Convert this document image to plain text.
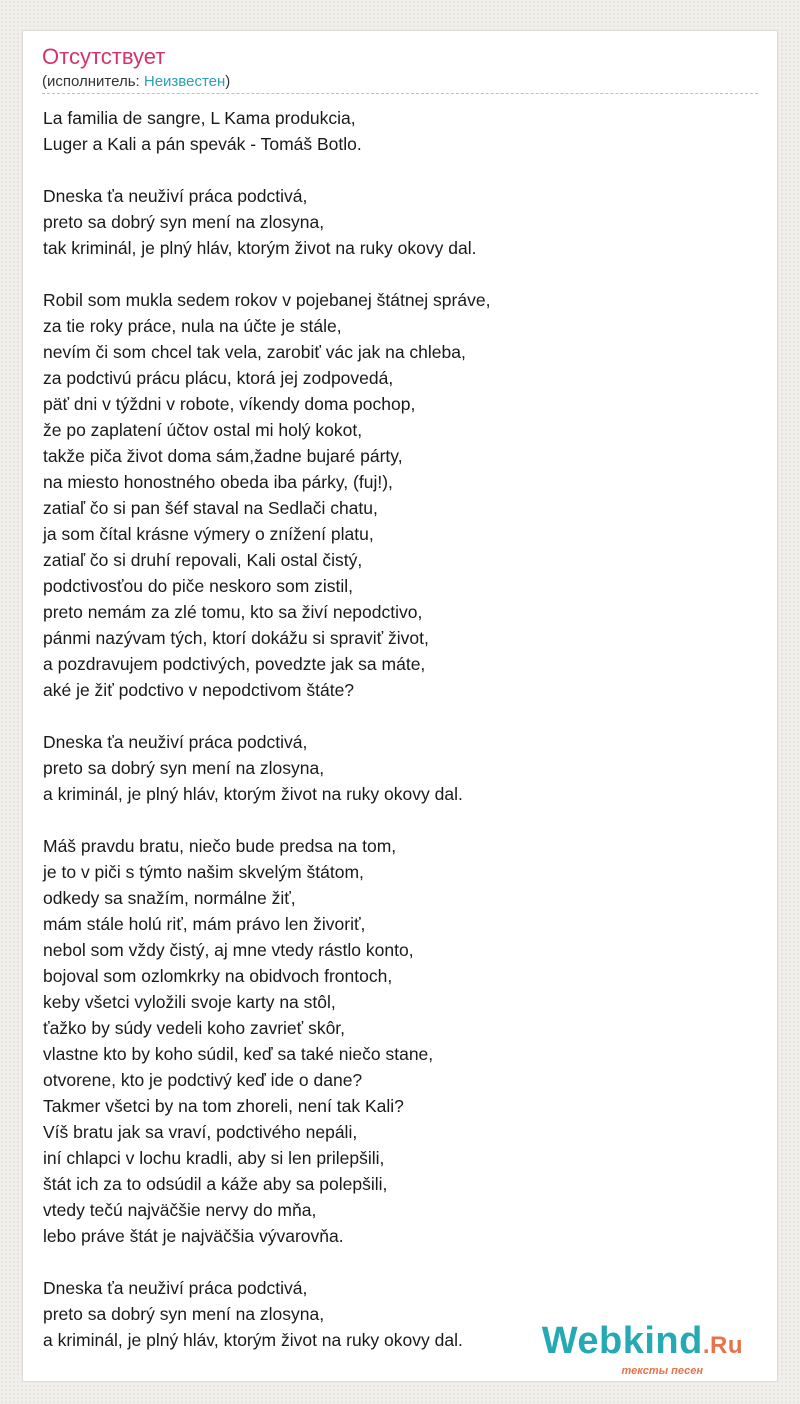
Отсутствует
(исполнитель: Неизвестен)
La familia de sangre, L Kama produkcia,
Luger a Kali a pán spevák - Tomáš Botlo.
Dneska ťa neuživí práca podctivá,
preto sa dobrý syn mení na zlosyna,
tak kriminál, je plný hláv, ktorým život na ruky okovy dal.
Robil som mukla sedem rokov v pojebanej štátnej správe,
za tie roky práce, nula na účte je stále,
nevím či som chcel tak vela, zarobiť vác jak na chleba,
za podctivú prácu plácu, ktorá jej zodpovedá,
päť dni v týždni v robote, víkendy doma pochop,
že po zaplatení účtov ostal mi holý kokot,
takže piča život doma sám,žadne bujaré párty,
na miesto honostného obeda iba párky, (fuj!),
zatiaľ čo si pan šéf staval na Sedlači chatu,
ja som čítal krásne výmery o znížení platu,
zatiaľ čo si druhí repovali, Kali ostal čistý,
podctivosťou do piče neskoro som zistil,
preto nemám za zlé tomu, kto sa živí nepodctivo,
pánmi nazývam tých, ktorí dokážu si spraviť život,
a pozdravujem podctivých, povedzte jak sa máte,
aké je žiť podctivo v nepodctivom štáte?
Dneska ťa neuživí práca podctivá,
preto sa dobrý syn mení na zlosyna,
a kriminál, je plný hláv, ktorým život na ruky okovy dal.
Máš pravdu bratu, niečo bude predsa na tom,
je to v piči s týmto našim skvelým štátom,
odkedy sa snažím, normálne žiť,
mám stále holú riť, mám právo len živoriť,
nebol som vždy čistý, aj mne vtedy rástlo konto,
bojoval som ozlomkrky na obidvoch frontoch,
keby všetci vyložili svoje karty na stôl,
ťažko by súdy vedeli koho zavrieť skôr,
vlastne kto by koho súdil, keď sa také niečo stane,
otvorene, kto je podctivý keď ide o dane?
Takmer všetci by na tom zhoreli, není tak Kali?
Víš bratu jak sa vraví, podctivého nepáli,
iní chlapci v lochu kradli, aby si len prilepšili,
štát ich za to odsúdil a káže aby sa polepšili,
vtedy tečú najväčšie nervy do mňa,
lebo práve štát je najväčšia vývarovňa.
Dneska ťa neuživí práca podctivá,
preto sa dobrý syn mení na zlosyna,
a kriminál, je plný hláv, ktorým život na ruky okovy dal.	Webkind.Ru
тексты песен
